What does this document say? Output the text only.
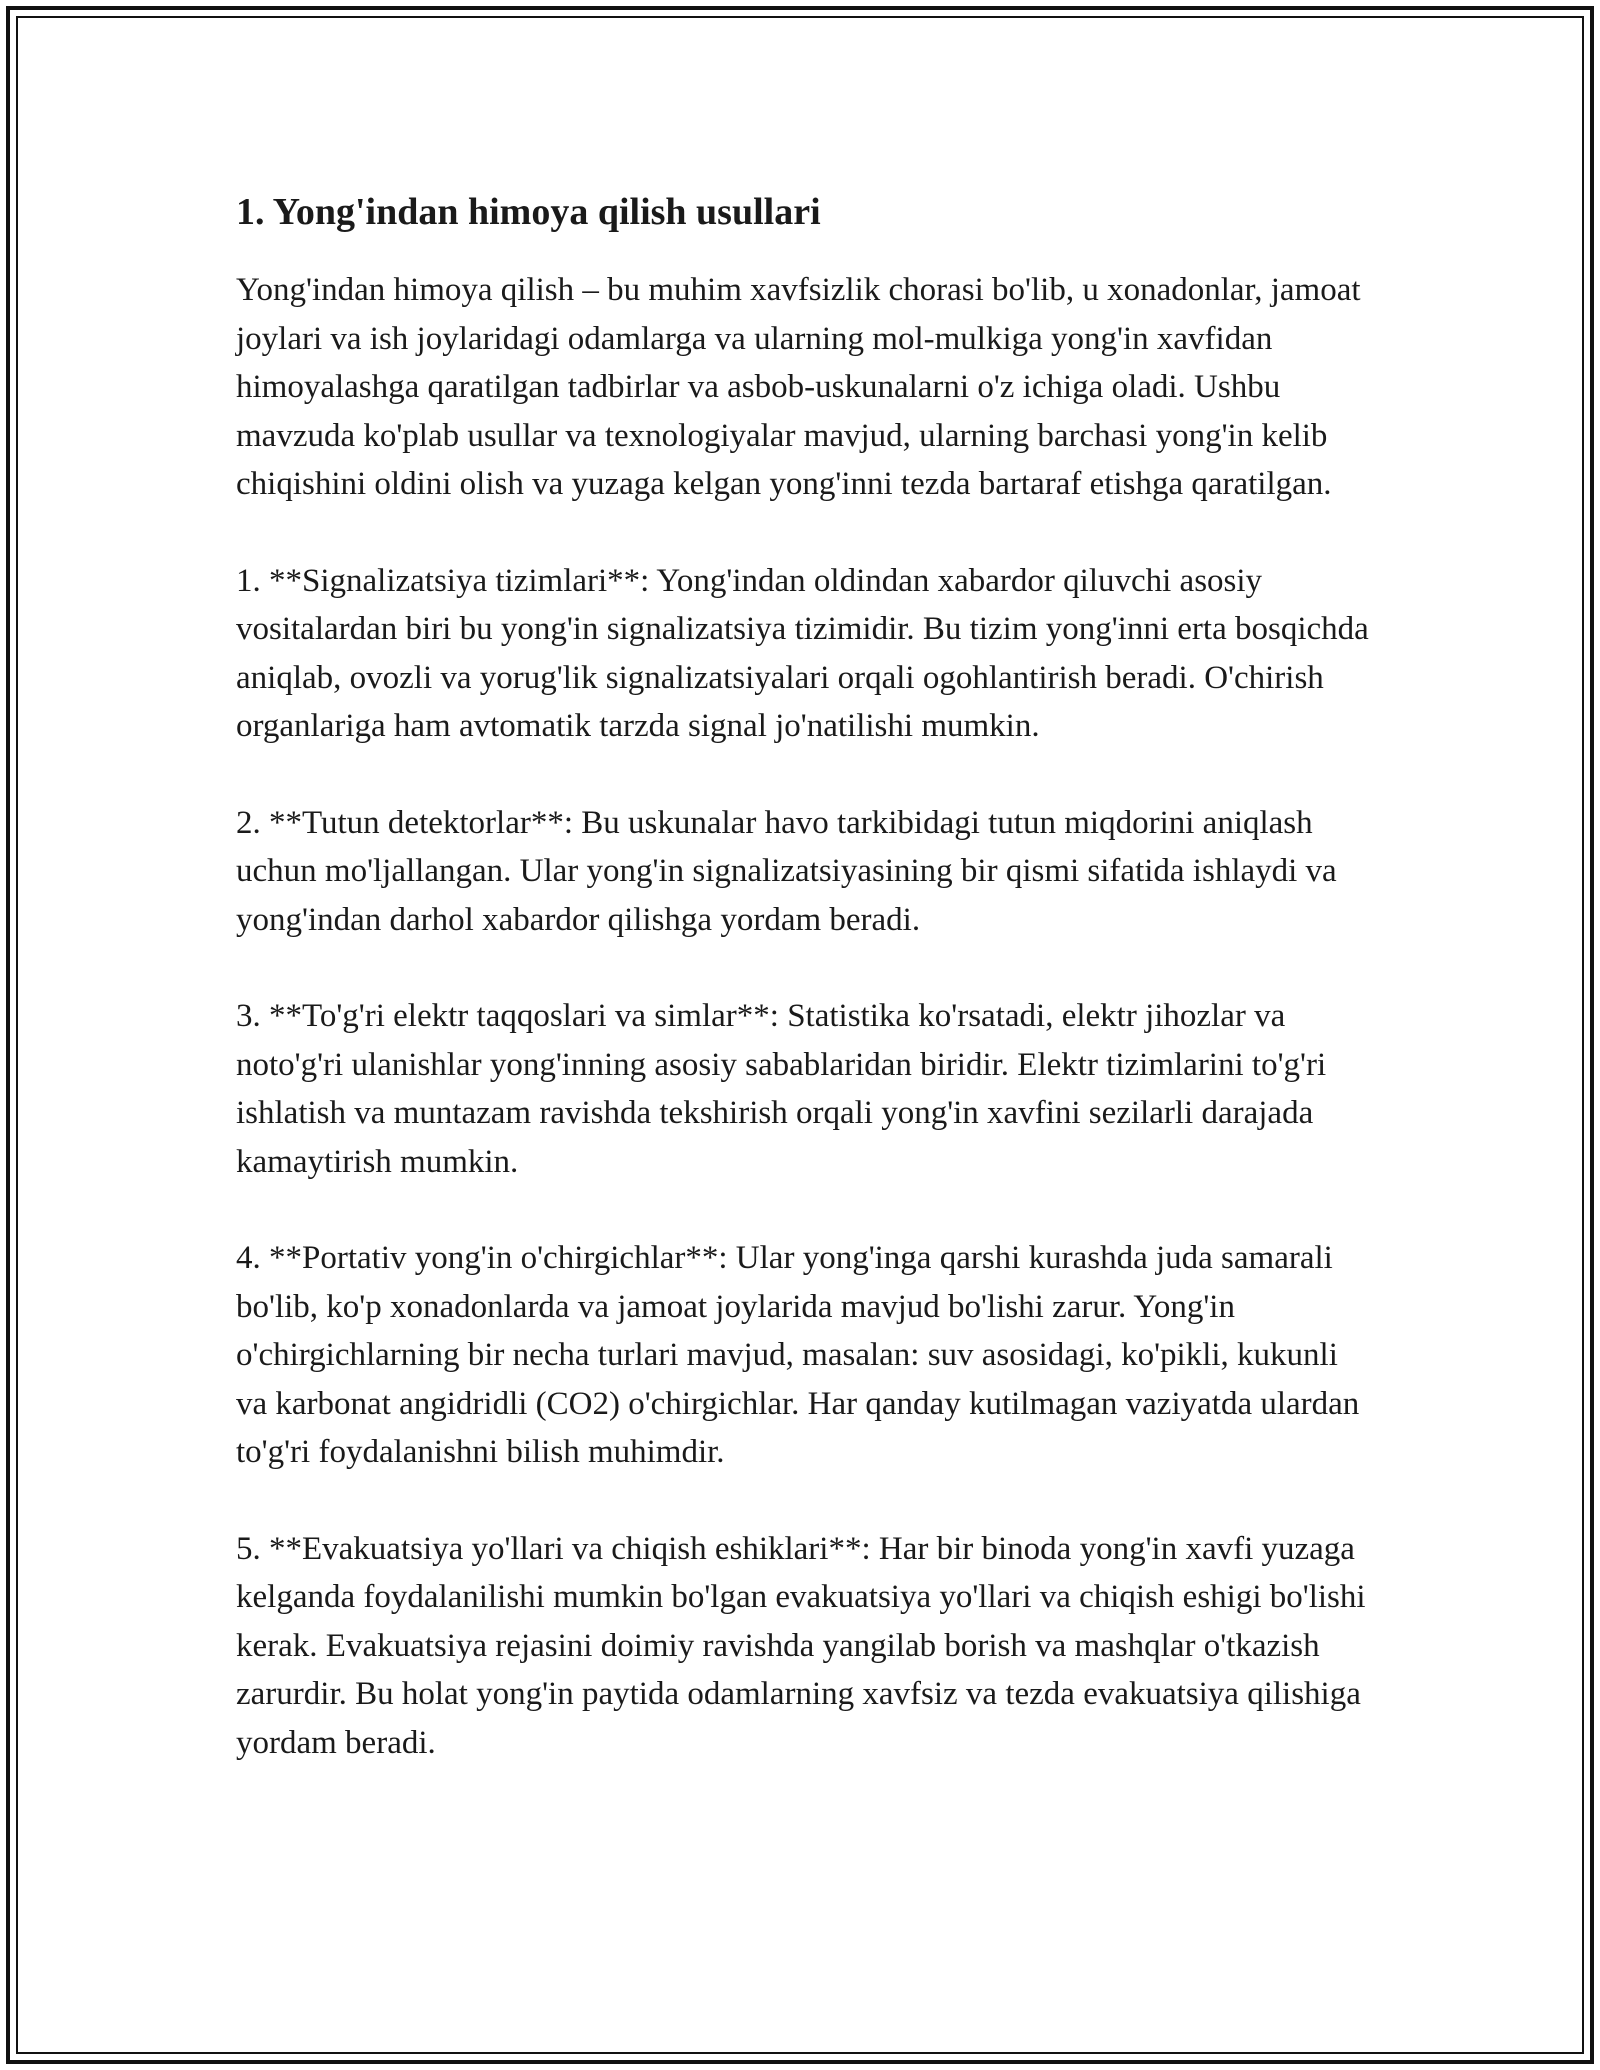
1. Yong'indan himoya qilish usullari

Yong'indan himoya qilish – bu muhim xavfsizlik chorasi bo'lib, u xonadonlar, jamoat joylari va ish joylaridagi odamlarga va ularning mol-mulkiga yong'in xavfidan himoyalashga qaratilgan tadbirlar va asbob-uskunalarni o'z ichiga oladi. Ushbu mavzuda ko'plab usullar va texnologiyalar mavjud, ularning barchasi yong'in kelib chiqishini oldini olish va yuzaga kelgan yong'inni tezda bartaraf etishga qaratilgan.

1. **Signalizatsiya tizimlari**: Yong'indan oldindan xabardor qiluvchi asosiy vositalardan biri bu yong'in signalizatsiya tizimidir. Bu tizim yong'inni erta bosqichda aniqlab, ovozli va yorug'lik signalizatsiyalari orqali ogohlantirish beradi. O'chirish organlariga ham avtomatik tarzda signal jo'natilishi mumkin.

2. **Tutun detektorlar**: Bu uskunalar havo tarkibidagi tutun miqdorini aniqlash uchun mo'ljallangan. Ular yong'in signalizatsiyasining bir qismi sifatida ishlaydi va yong'indan darhol xabardor qilishga yordam beradi.

3. **To'g'ri elektr taqqoslari va simlar**: Statistika ko'rsatadi, elektr jihozlar va noto'g'ri ulanishlar yong'inning asosiy sabablaridan biridir. Elektr tizimlarini to'g'ri ishlatish va muntazam ravishda tekshirish orqali yong'in xavfini sezilarli darajada kamaytirish mumkin.

4. **Portativ yong'in o'chirgichlar**: Ular yong'inga qarshi kurashda juda samarali bo'lib, ko'p xonadonlarda va jamoat joylarida mavjud bo'lishi zarur. Yong'in o'chirgichlarning bir necha turlari mavjud, masalan: suv asosidagi, ko'pikli, kukunli va karbonat angidridli (CO2) o'chirgichlar. Har qanday kutilmagan vaziyatda ulardan to'g'ri foydalanishni bilish muhimdir.

5. **Evakuatsiya yo'llari va chiqish eshiklari**: Har bir binoda yong'in xavfi yuzaga kelganda foydalanilishi mumkin bo'lgan evakuatsiya yo'llari va chiqish eshigi bo'lishi kerak. Evakuatsiya rejasini doimiy ravishda yangilab borish va mashqlar o'tkazish zarurdir. Bu holat yong'in paytida odamlarning xavfsiz va tezda evakuatsiya qilishiga yordam beradi.
